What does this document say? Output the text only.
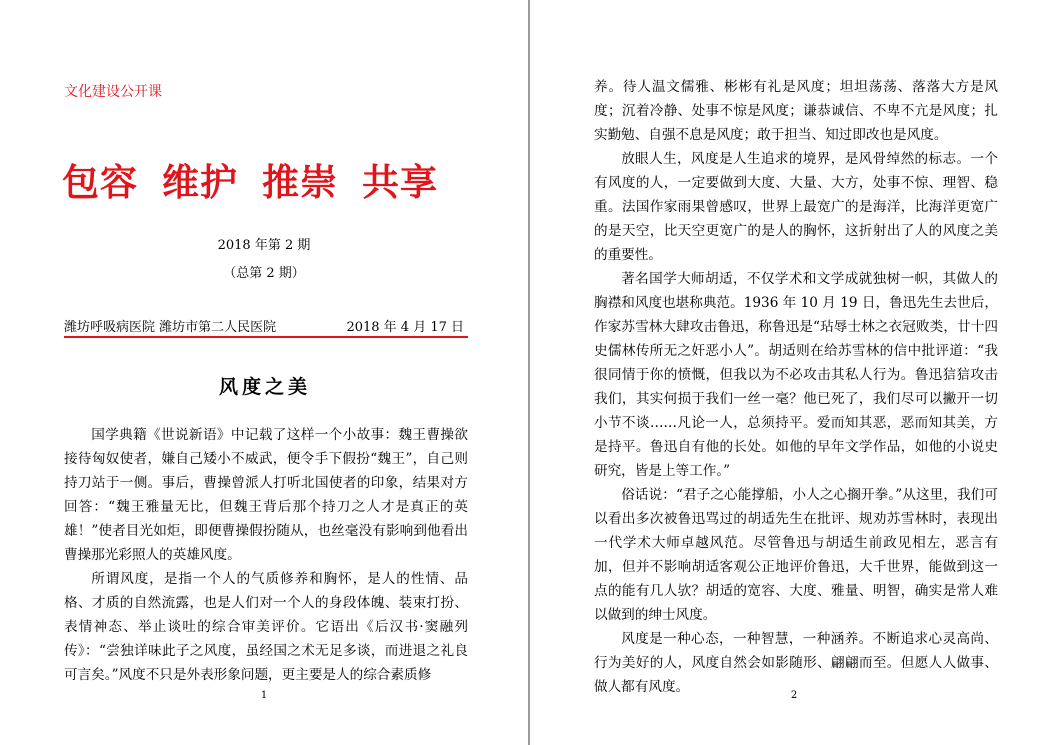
文化建设公开课
包容 维护 推崇 共享
2018 年第 2 期
（总第 2 期）
潍坊呼吸病医院 潍坊市第二人民医院	2018 年 4 月 17 日
风度之美

国学典籍《世说新语》中记载了这样一个小故事：魏王曹操欲接待匈奴使者，嫌自己矮小不威武，便令手下假扮“魏王”，自己则持刀站于一侧。事后，曹操曾派人打听北国使者的印象，结果对方回答：“魏王雅量无比，但魏王背后那个持刀之人才是真正的英雄！”使者目光如炬，即便曹操假扮随从，也丝毫没有影响到他看出曹操那光彩照人的英雄风度。

所谓风度，是指一个人的气质修养和胸怀，是人的性情、品格、才质的自然流露，也是人们对一个人的身段体魄、装束打扮、表情神态、举止谈吐的综合审美评价。它语出《后汉书·窦融列传》：“尝独详味此子之风度，虽经国之术无足多谈，而进退之礼良可言矣。”风度不只是外表形象问题，更主要是人的综合素质修

1

养。待人温文儒雅、彬彬有礼是风度；坦坦荡荡、落落大方是风度；沉着冷静、处事不惊是风度；谦恭诚信、不卑不亢是风度；扎实勤勉、自强不息是风度；敢于担当、知过即改也是风度。

放眼人生，风度是人生追求的境界，是风骨绰然的标志。一个有风度的人，一定要做到大度、大量、大方，处事不惊、理智、稳重。法国作家雨果曾感叹，世界上最宽广的是海洋，比海洋更宽广的是天空，比天空更宽广的是人的胸怀，这折射出了人的风度之美的重要性。

著名国学大师胡适，不仅学术和文学成就独树一帜，其做人的胸襟和风度也堪称典范。1936 年 10 月 19 日，鲁迅先生去世后，作家苏雪林大肆攻击鲁迅，称鲁迅是“玷辱士林之衣冠败类，廿十四史儒林传所无之奸恶小人”。胡适则在给苏雪林的信中批评道：“我很同情于你的愤慨，但我以为不必攻击其私人行为。鲁迅狺狺攻击我们，其实何损于我们一丝一毫？他已死了，我们尽可以撇开一切小节不谈……凡论一人，总须持平。爱而知其恶，恶而知其美，方是持平。鲁迅自有他的长处。如他的早年文学作品，如他的小说史研究，皆是上等工作。”

俗话说：“君子之心能撑船，小人之心搁开拳。”从这里，我们可以看出多次被鲁迅骂过的胡适先生在批评、规劝苏雪林时，表现出一代学术大师卓越风范。尽管鲁迅与胡适生前政见相左，恶言有加，但并不影响胡适客观公正地评价鲁迅，大千世界，能做到这一点的能有几人欤？胡适的宽容、大度、雅量、明智，确实是常人难以做到的绅士风度。

风度是一种心态，一种智慧，一种涵养。不断追求心灵高尚、行为美好的人，风度自然会如影随形、翩翩而至。但愿人人做事、做人都有风度。

2
